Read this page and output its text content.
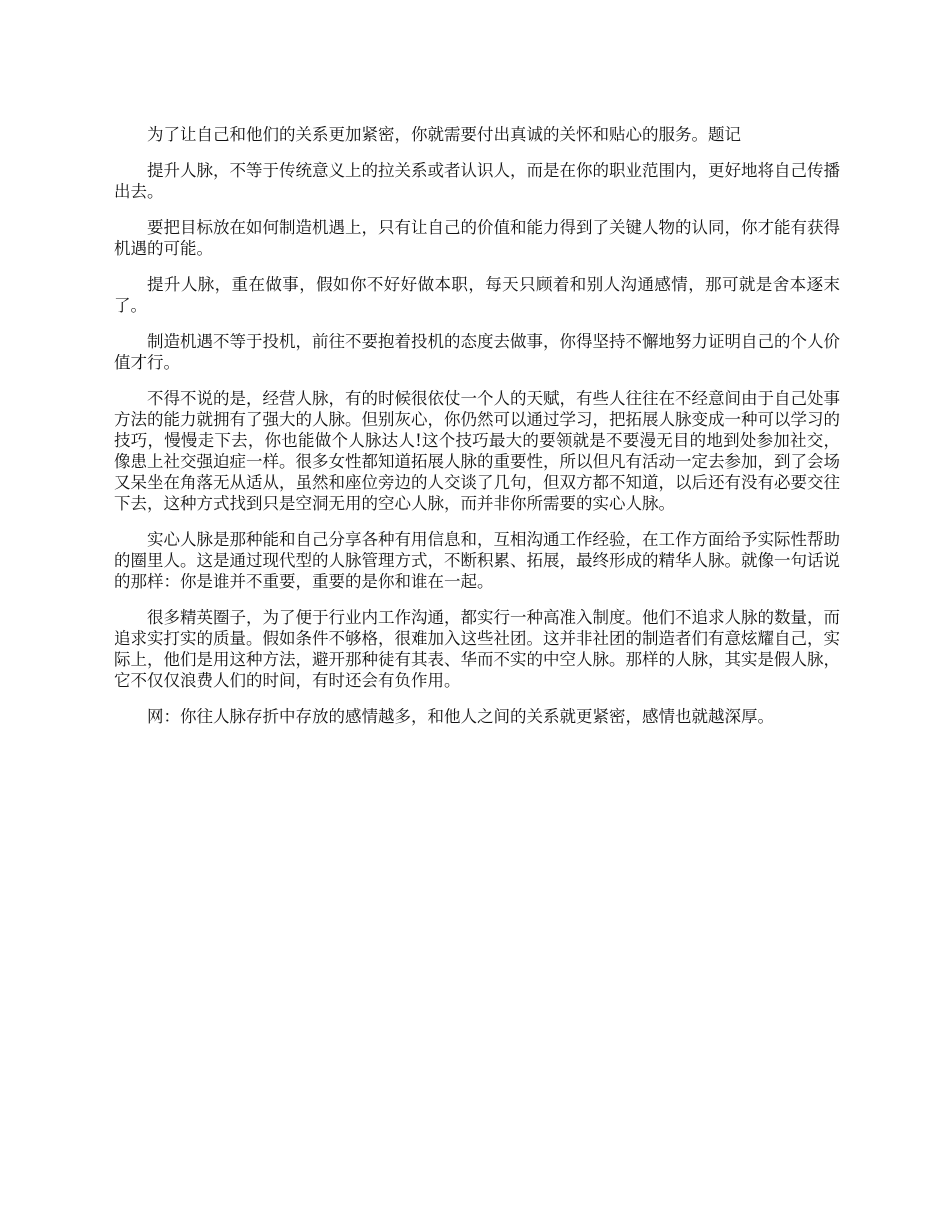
为了让自己和他们的关系更加紧密，你就需要付出真诚的关怀和贴心的服务。题记

提升人脉，不等于传统意义上的拉关系或者认识人，而是在你的职业范围内，更好地将自己传播出去。

要把目标放在如何制造机遇上，只有让自己的价值和能力得到了关键人物的认同，你才能有获得机遇的可能。

提升人脉，重在做事，假如你不好好做本职，每天只顾着和别人沟通感情，那可就是舍本逐末了。

制造机遇不等于投机，前往不要抱着投机的态度去做事，你得坚持不懈地努力证明自己的个人价值才行。

不得不说的是，经营人脉，有的时候很依仗一个人的天赋，有些人往往在不经意间由于自己处事方法的能力就拥有了强大的人脉。但别灰心，你仍然可以通过学习，把拓展人脉变成一种可以学习的技巧，慢慢走下去，你也能做个人脉达人!这个技巧最大的要领就是不要漫无目的地到处参加社交，像患上社交强迫症一样。很多女性都知道拓展人脉的重要性，所以但凡有活动一定去参加，到了会场又呆坐在角落无从适从，虽然和座位旁边的人交谈了几句，但双方都不知道，以后还有没有必要交往下去，这种方式找到只是空洞无用的空心人脉，而并非你所需要的实心人脉。

实心人脉是那种能和自己分享各种有用信息和，互相沟通工作经验，在工作方面给予实际性帮助的圈里人。这是通过现代型的人脉管理方式，不断积累、拓展，最终形成的精华人脉。就像一句话说的那样：你是谁并不重要，重要的是你和谁在一起。

很多精英圈子，为了便于行业内工作沟通，都实行一种高准入制度。他们不追求人脉的数量，而追求实打实的质量。假如条件不够格，很难加入这些社团。这并非社团的制造者们有意炫耀自己，实际上，他们是用这种方法，避开那种徒有其表、华而不实的中空人脉。那样的人脉，其实是假人脉，它不仅仅浪费人们的时间，有时还会有负作用。

网：你往人脉存折中存放的感情越多，和他人之间的关系就更紧密，感情也就越深厚。
